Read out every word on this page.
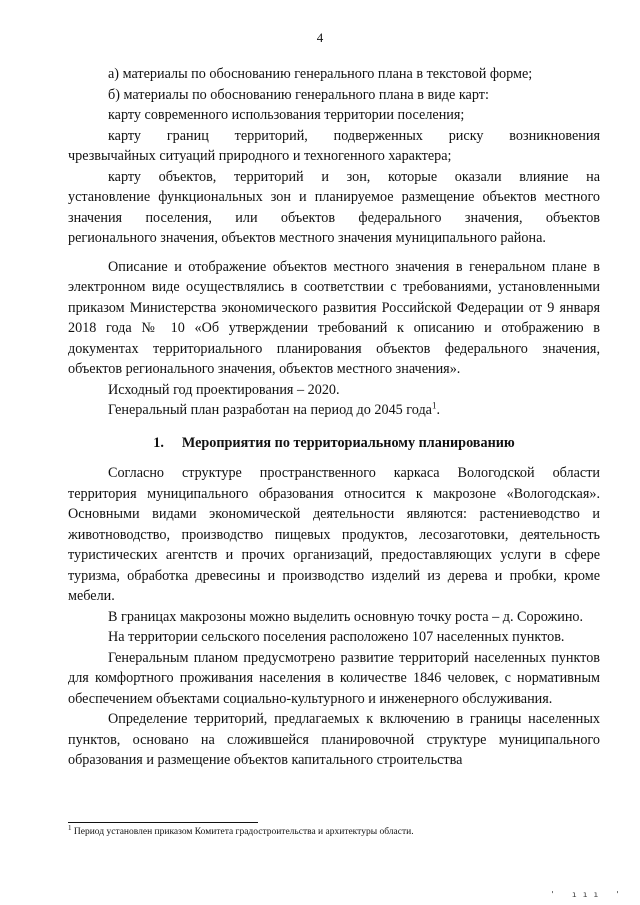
4

а) материалы по обоснованию генерального плана в текстовой форме;

б) материалы по обоснованию генерального плана в виде карт:

карту современного использования территории поселения;

карту границ территорий, подверженных риску возникновения

чрезвычайных ситуаций природного и техногенного характера;

карту объектов, территорий и зон, которые оказали влияние на

установление функциональных зон и планируемое размещение объектов местного

значения поселения, или объектов федерального значения, объектов

регионального значения, объектов местного значения муниципального района.

Описание и отображение объектов местного значения в генеральном плане в электронном виде осуществлялись в соответствии с требованиями, установленными приказом Министерства экономического развития Российской Федерации от 9 января 2018 года № 10 «Об утверждении требований к описанию и отображению в документах территориального планирования объектов федерального значения, объектов регионального значения, объектов местного значения».

Исходный год проектирования – 2020.

Генеральный план разработан на период до 2045 года$^1$.

1. Мероприятия по территориальному планированию

Согласно структуре пространственного каркаса Вологодской области территория муниципального образования относится к макрозоне «Вологодская». Основными видами экономической деятельности являются: растениеводство и животноводство, производство пищевых продуктов, лесозаготовки, деятельность туристических агентств и прочих организаций, предоставляющих услуги в сфере туризма, обработка древесины и производство изделий из дерева и пробки, кроме мебели.

В границах макрозоны можно выделить основную точку роста – д. Сорожино.

На территории сельского поселения расположено 107 населенных пунктов.

Генеральным планом предусмотрено развитие территорий населенных пунктов для комфортного проживания населения в количестве 1846 человек, с нормативным обеспечением объектами социально-культурного и инженерного обслуживания.

Определение территорий, предлагаемых к включению в границы населенных пунктов, основано на сложившейся планировочной структуре муниципального образования и размещение объектов капитального строительства

$^1$ Период установлен приказом Комитета градостроительства и архитектуры области.
' ııı '
